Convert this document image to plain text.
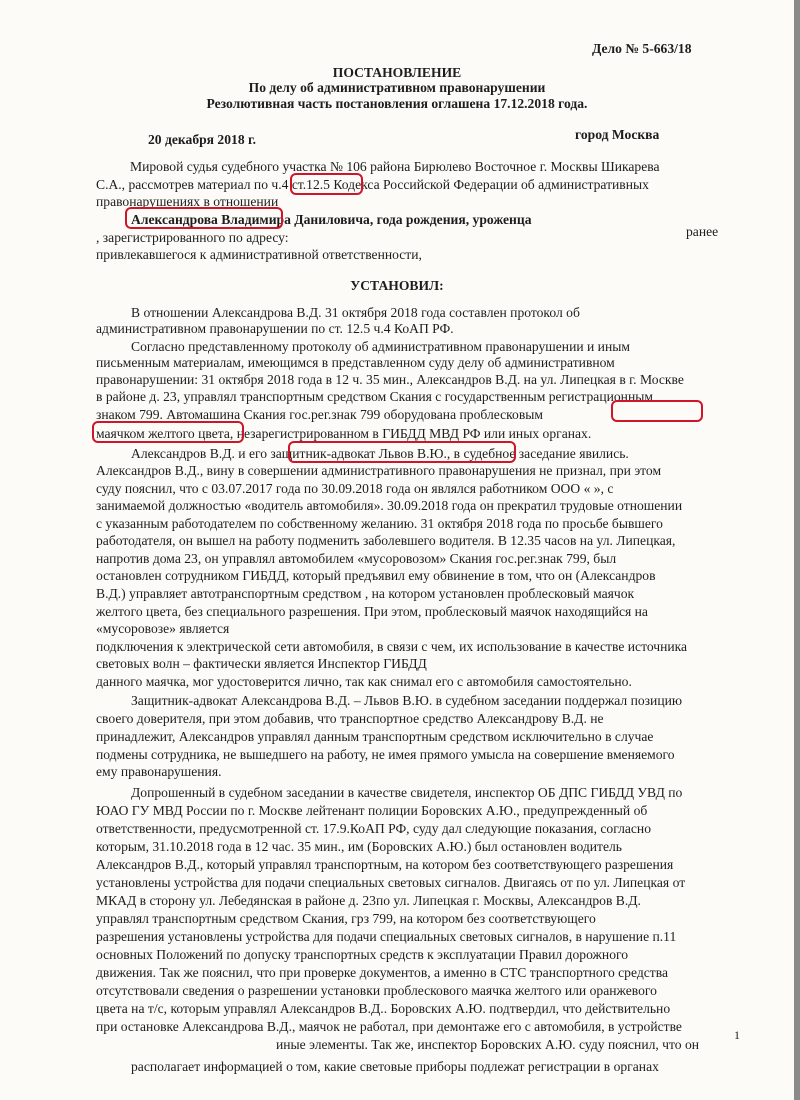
Дело № 5-663/18
ПОСТАНОВЛЕНИЕ
По делу об административном правонарушении
Резолютивная часть постановления оглашена 17.12.2018 года.
20 декабря 2018 г.	город Москва
Мировой судья судебного участка № 106 района Бирюлево Восточное г. Москвы Шикарева
С.А., рассмотрев материал по ч.4 ст.12.5 Кодекса Российской Федерации об административных
правонарушениях в отношении
Александрова Владимира Даниловича, года рождения, уроженца
, зарегистрированного по адресу:	ранее
привлекавшегося к административной ответственности,
УСТАНОВИЛ:
В отношении Александрова В.Д. 31 октября 2018 года составлен протокол об
административном правонарушении по ст. 12.5 ч.4 КоАП РФ.
Согласно представленному протоколу об административном правонарушении и иным
письменным материалам, имеющимся в представленном суду делу об административном
правонарушении: 31 октября 2018 года в 12 ч. 35 мин., Александров В.Д. на ул. Липецкая в г. Москве
в районе д. 23, управлял транспортным средством Скания с государственным регистрационным
знаком 799. Автомашина Скания гос.рег.знак 799 оборудована проблесковым
маячком желтого цвета, незарегистрированном в ГИБДД МВД РФ или иных органах.
Александров В.Д. и его защитник-адвокат Львов В.Ю., в судебное заседание явились.
Александров В.Д., вину в совершении административного правонарушения не признал, при этом
суду пояснил, что с 03.07.2017 года по 30.09.2018 года он являлся работником ООО « », с
занимаемой должностью «водитель автомобиля». 30.09.2018 года он прекратил трудовые отношении
с указанным работодателем по собственному желанию. 31 октября 2018 года по просьбе бывшего
работодателя, он вышел на работу подменить заболевшего водителя. В 12.35 часов на ул. Липецкая,
напротив дома 23, он управлял автомобилем «мусоровозом» Скания гос.рег.знак 799, был
остановлен сотрудником ГИБДД, который предъявил ему обвинение в том, что он (Александров
В.Д.) управляет автотранспортным средством , на котором установлен проблесковый маячок
желтого цвета, без специального разрешения. При этом, проблесковый маячок находящийся на
«мусоровозе» является
подключения к электрической сети автомобиля, в связи с чем, их использование в качестве источника
световых волн – фактически является Инспектор ГИБДД
данного маячка, мог удостоверится лично, так как снимал его с автомобиля самостоятельно.
Защитник-адвокат Александрова В.Д. – Львов В.Ю. в судебном заседании поддержал позицию
своего доверителя, при этом добавив, что транспортное средство Александрову В.Д. не
принадлежит, Александров управлял данным транспортным средством исключительно в случае
подмены сотрудника, не вышедшего на работу, не имея прямого умысла на совершение вменяемого
ему правонарушения.
Допрошенный в судебном заседании в качестве свидетеля, инспектор ОБ ДПС ГИБДД УВД по
ЮАО ГУ МВД России по г. Москве лейтенант полиции Боровских А.Ю., предупрежденный об
ответственности, предусмотренной ст. 17.9.КоАП РФ, суду дал следующие показания, согласно
которым, 31.10.2018 года в 12 час. 35 мин., им (Боровских А.Ю.) был остановлен водитель
Александров В.Д., который управлял транспортным, на котором без соответствующего разрешения
установлены устройства для подачи специальных световых сигналов. Двигаясь от по ул. Липецкая от
МКАД в сторону ул. Лебедянская в районе д. 23по ул. Липецкая г. Москвы, Александров В.Д.
управлял транспортным средством Скания, грз 799, на котором без соответствующего
разрешения установлены устройства для подачи специальных световых сигналов, в нарушение п.11
основных Положений по допуску транспортных средств к эксплуатации Правил дорожного
движения. Так же пояснил, что при проверке документов, а именно в СТС транспортного средства
отсутствовали сведения о разрешении установки проблескового маячка желтого или оранжевого
цвета на т/с, которым управлял Александров В.Д.. Боровских А.Ю. подтвердил, что действительно
при остановке Александрова В.Д., маячок не работал, при демонтаже его с автомобиля, в устройстве
иные элементы. Так же, инспектор Боровских А.Ю. суду пояснил, что он
располагает информацией о том, какие световые приборы подлежат регистрации в органах
1
